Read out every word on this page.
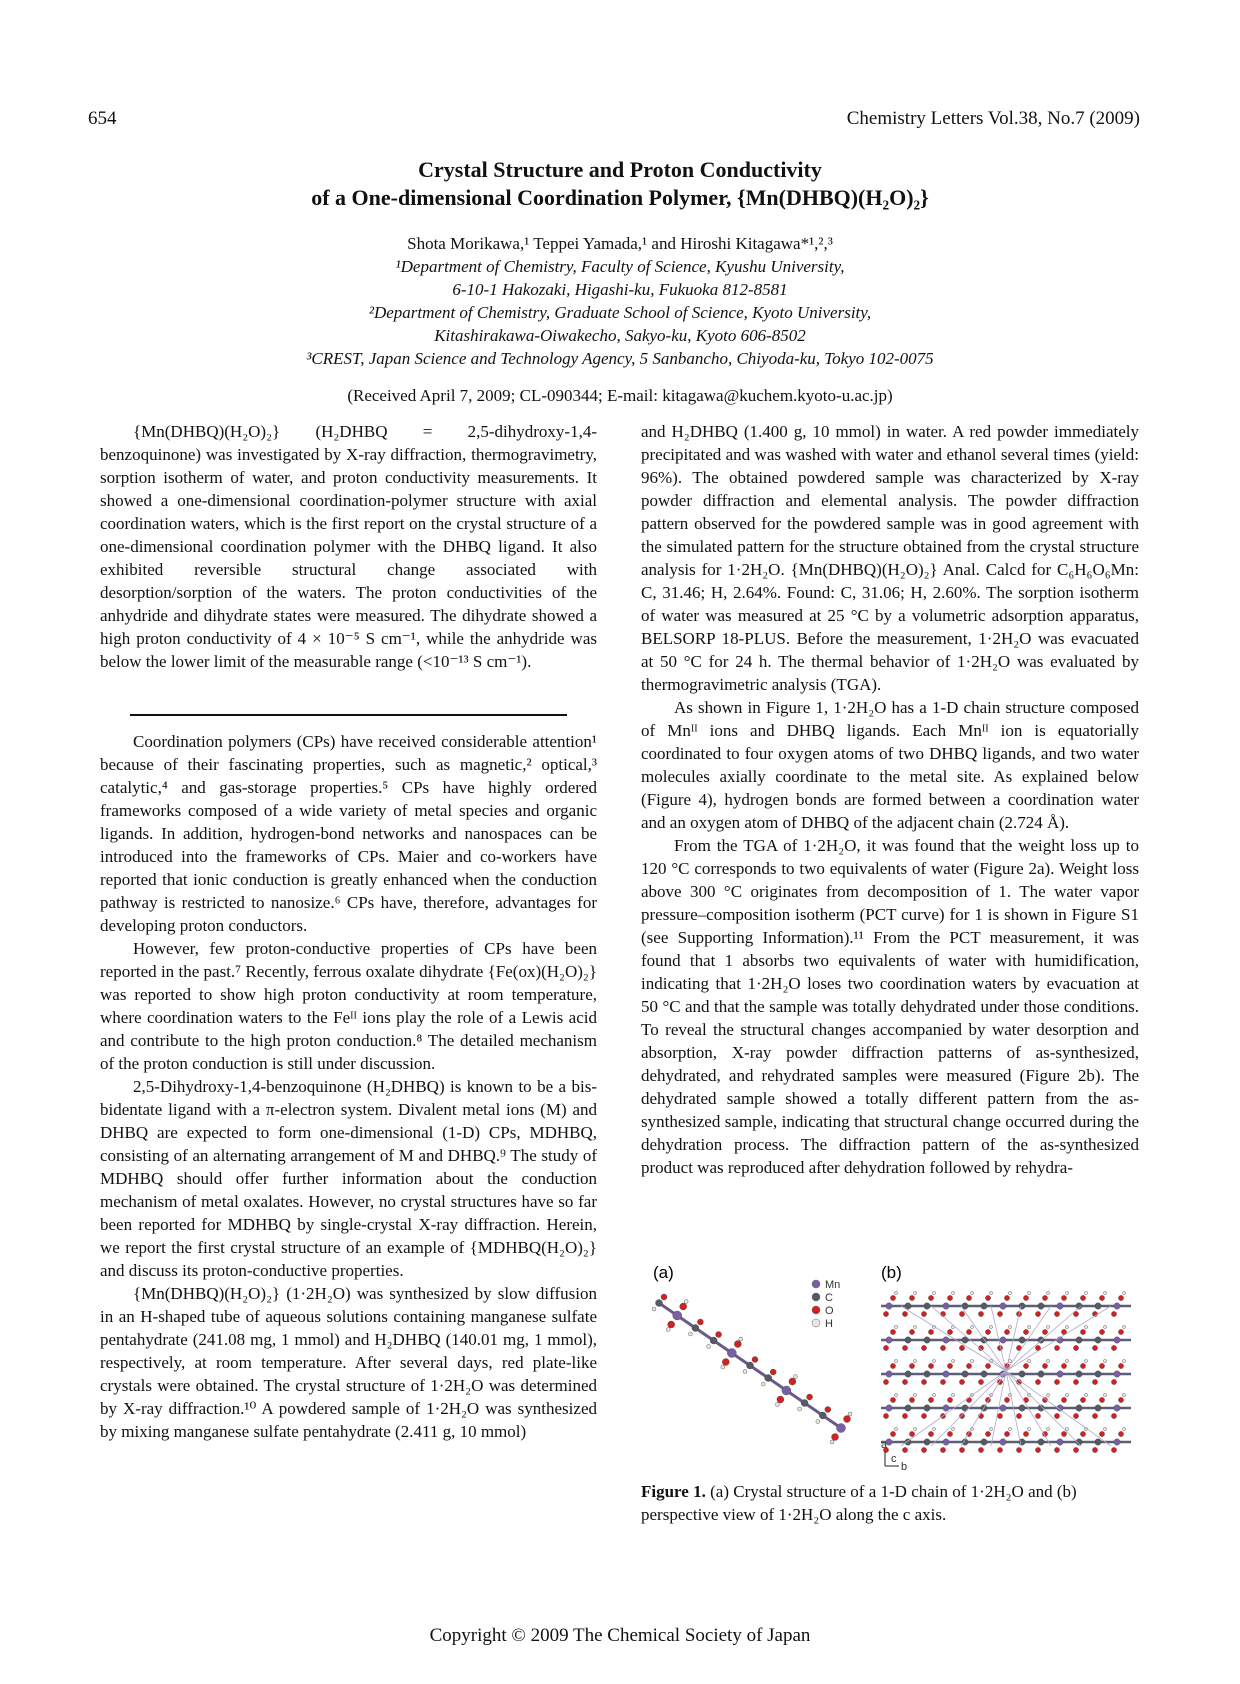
654	Chemistry Letters Vol.38, No.7 (2009)
Crystal Structure and Proton Conductivity
of a One-dimensional Coordination Polymer, {Mn(DHBQ)(H₂O)₂}
Shota Morikawa,¹ Teppei Yamada,¹ and Hiroshi Kitagawa*¹,²,³
¹Department of Chemistry, Faculty of Science, Kyushu University,
6-10-1 Hakozaki, Higashi-ku, Fukuoka 812-8581
²Department of Chemistry, Graduate School of Science, Kyoto University,
Kitashirakawa-Oiwakecho, Sakyo-ku, Kyoto 606-8502
³CREST, Japan Science and Technology Agency, 5 Sanbancho, Chiyoda-ku, Tokyo 102-0075
(Received April 7, 2009; CL-090344; E-mail: kitagawa@kuchem.kyoto-u.ac.jp)

{Mn(DHBQ)(H₂O)₂} (H₂DHBQ = 2,5-dihydroxy-1,4-benzoquinone) was investigated by X-ray diffraction, thermogravimetry, sorption isotherm of water, and proton conductivity measurements. It showed a one-dimensional coordination-polymer structure with axial coordination waters, which is the first report on the crystal structure of a one-dimensional coordination polymer with the DHBQ ligand. It also exhibited reversible structural change associated with desorption/sorption of the waters. The proton conductivities of the anhydride and dihydrate states were measured. The dihydrate showed a high proton conductivity of 4 × 10⁻⁵ S cm⁻¹, while the anhydride was below the lower limit of the measurable range (<10⁻¹³ S cm⁻¹).

Coordination polymers (CPs) have received considerable attention¹ because of their fascinating properties, such as magnetic,² optical,³ catalytic,⁴ and gas-storage properties.⁵ CPs have highly ordered frameworks composed of a wide variety of metal species and organic ligands. In addition, hydrogen-bond networks and nanospaces can be introduced into the frameworks of CPs. Maier and co-workers have reported that ionic conduction is greatly enhanced when the conduction pathway is restricted to nanosize.⁶ CPs have, therefore, advantages for developing proton conductors.

However, few proton-conductive properties of CPs have been reported in the past.⁷ Recently, ferrous oxalate dihydrate {Fe(ox)(H₂O)₂} was reported to show high proton conductivity at room temperature, where coordination waters to the Feᴵᴵ ions play the role of a Lewis acid and contribute to the high proton conduction.⁸ The detailed mechanism of the proton conduction is still under discussion.

2,5-Dihydroxy-1,4-benzoquinone (H₂DHBQ) is known to be a bis-bidentate ligand with a π-electron system. Divalent metal ions (M) and DHBQ are expected to form one-dimensional (1-D) CPs, MDHBQ, consisting of an alternating arrangement of M and DHBQ.⁹ The study of MDHBQ should offer further information about the conduction mechanism of metal oxalates. However, no crystal structures have so far been reported for MDHBQ by single-crystal X-ray diffraction. Herein, we report the first crystal structure of an example of {MDHBQ(H₂O)₂} and discuss its proton-conductive properties.

{Mn(DHBQ)(H₂O)₂} (1·2H₂O) was synthesized by slow diffusion in an H-shaped tube of aqueous solutions containing manganese sulfate pentahydrate (241.08 mg, 1 mmol) and H₂DHBQ (140.01 mg, 1 mmol), respectively, at room temperature. After several days, red plate-like crystals were obtained. The crystal structure of 1·2H₂O was determined by X-ray diffraction.¹⁰ A powdered sample of 1·2H₂O was synthesized by mixing manganese sulfate pentahydrate (2.411 g, 10 mmol)

and H₂DHBQ (1.400 g, 10 mmol) in water. A red powder immediately precipitated and was washed with water and ethanol several times (yield: 96%). The obtained powdered sample was characterized by X-ray powder diffraction and elemental analysis. The powder diffraction pattern observed for the powdered sample was in good agreement with the simulated pattern for the structure obtained from the crystal structure analysis for 1·2H₂O. {Mn(DHBQ)(H₂O)₂} Anal. Calcd for C₆H₆O₆Mn: C, 31.46; H, 2.64%. Found: C, 31.06; H, 2.60%. The sorption isotherm of water was measured at 25 °C by a volumetric adsorption apparatus, BELSORP 18-PLUS. Before the measurement, 1·2H₂O was evacuated at 50 °C for 24 h. The thermal behavior of 1·2H₂O was evaluated by thermogravimetric analysis (TGA).

As shown in Figure 1, 1·2H₂O has a 1-D chain structure composed of Mnᴵᴵ ions and DHBQ ligands. Each Mnᴵᴵ ion is equatorially coordinated to four oxygen atoms of two DHBQ ligands, and two water molecules axially coordinate to the metal site. As explained below (Figure 4), hydrogen bonds are formed between a coordination water and an oxygen atom of DHBQ of the adjacent chain (2.724 Å).

From the TGA of 1·2H₂O, it was found that the weight loss up to 120 °C corresponds to two equivalents of water (Figure 2a). Weight loss above 300 °C originates from decomposition of 1. The water vapor pressure–composition isotherm (PCT curve) for 1 is shown in Figure S1 (see Supporting Information).¹¹ From the PCT measurement, it was found that 1 absorbs two equivalents of water with humidification, indicating that 1·2H₂O loses two coordination waters by evacuation at 50 °C and that the sample was totally dehydrated under those conditions. To reveal the structural changes accompanied by water desorption and absorption, X-ray powder diffraction patterns of as-synthesized, dehydrated, and rehydrated samples were measured (Figure 2b). The dehydrated sample showed a totally different pattern from the as-synthesized sample, indicating that structural change occurred during the dehydration process. The diffraction pattern of the as-synthesized product was reproduced after dehydration followed by rehydra-

(a)	(b)
Mn
C
O
H
a
c
b
Figure 1. (a) Crystal structure of a 1-D chain of 1·2H₂O and (b) perspective view of 1·2H₂O along the c axis.
Copyright © 2009 The Chemical Society of Japan
